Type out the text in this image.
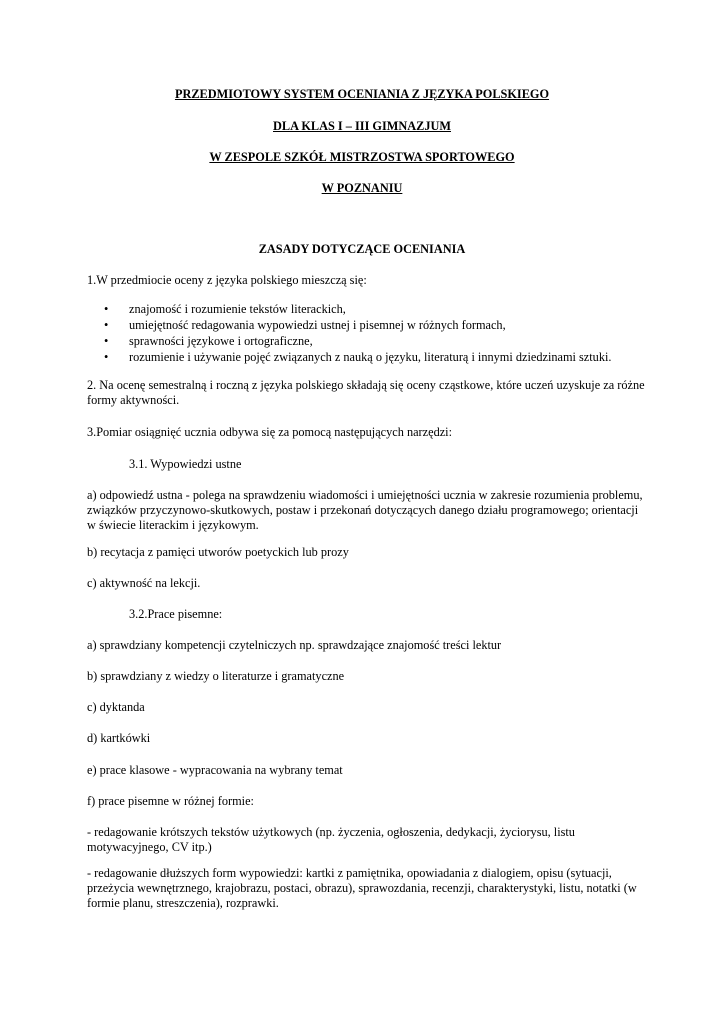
PRZEDMIOTOWY SYSTEM OCENIANIA Z JĘZYKA POLSKIEGO
DLA KLAS I – III GIMNAZJUM
W ZESPOLE SZKÓŁ MISTRZOSTWA SPORTOWEGO
W POZNANIU
ZASADY DOTYCZĄCE OCENIANIA
1.W przedmiocie oceny z języka polskiego mieszczą się:
• znajomość i rozumienie tekstów literackich,
• umiejętność redagowania wypowiedzi ustnej i pisemnej w różnych formach,
• sprawności językowe i ortograficzne,
• rozumienie i używanie pojęć związanych z nauką o języku, literaturą i innymi dziedzinami sztuki.
2. Na ocenę semestralną i roczną z języka polskiego składają się oceny cząstkowe, które uczeń uzyskuje za różne formy aktywności.
3.Pomiar osiągnięć ucznia odbywa się za pomocą następujących narzędzi:
3.1. Wypowiedzi ustne
a) odpowiedź ustna - polega na sprawdzeniu wiadomości i umiejętności ucznia w zakresie rozumienia problemu, związków przyczynowo-skutkowych, postaw i przekonań dotyczących danego działu programowego; orientacji w świecie literackim i językowym.
b) recytacja z pamięci utworów poetyckich lub prozy
c) aktywność na lekcji.
3.2.Prace pisemne:
a) sprawdziany kompetencji czytelniczych np. sprawdzające znajomość treści lektur
b) sprawdziany z wiedzy o literaturze i gramatyczne
c) dyktanda
d) kartkówki
e) prace klasowe - wypracowania na wybrany temat
f) prace pisemne w różnej formie:
- redagowanie krótszych tekstów użytkowych (np. życzenia, ogłoszenia, dedykacji, życiorysu, listu motywacyjnego, CV itp.)
- redagowanie dłuższych form wypowiedzi: kartki z pamiętnika, opowiadania z dialogiem, opisu (sytuacji, przeżycia wewnętrznego, krajobrazu, postaci, obrazu), sprawozdania, recenzji, charakterystyki, listu, notatki (w formie planu, streszczenia), rozprawki.
